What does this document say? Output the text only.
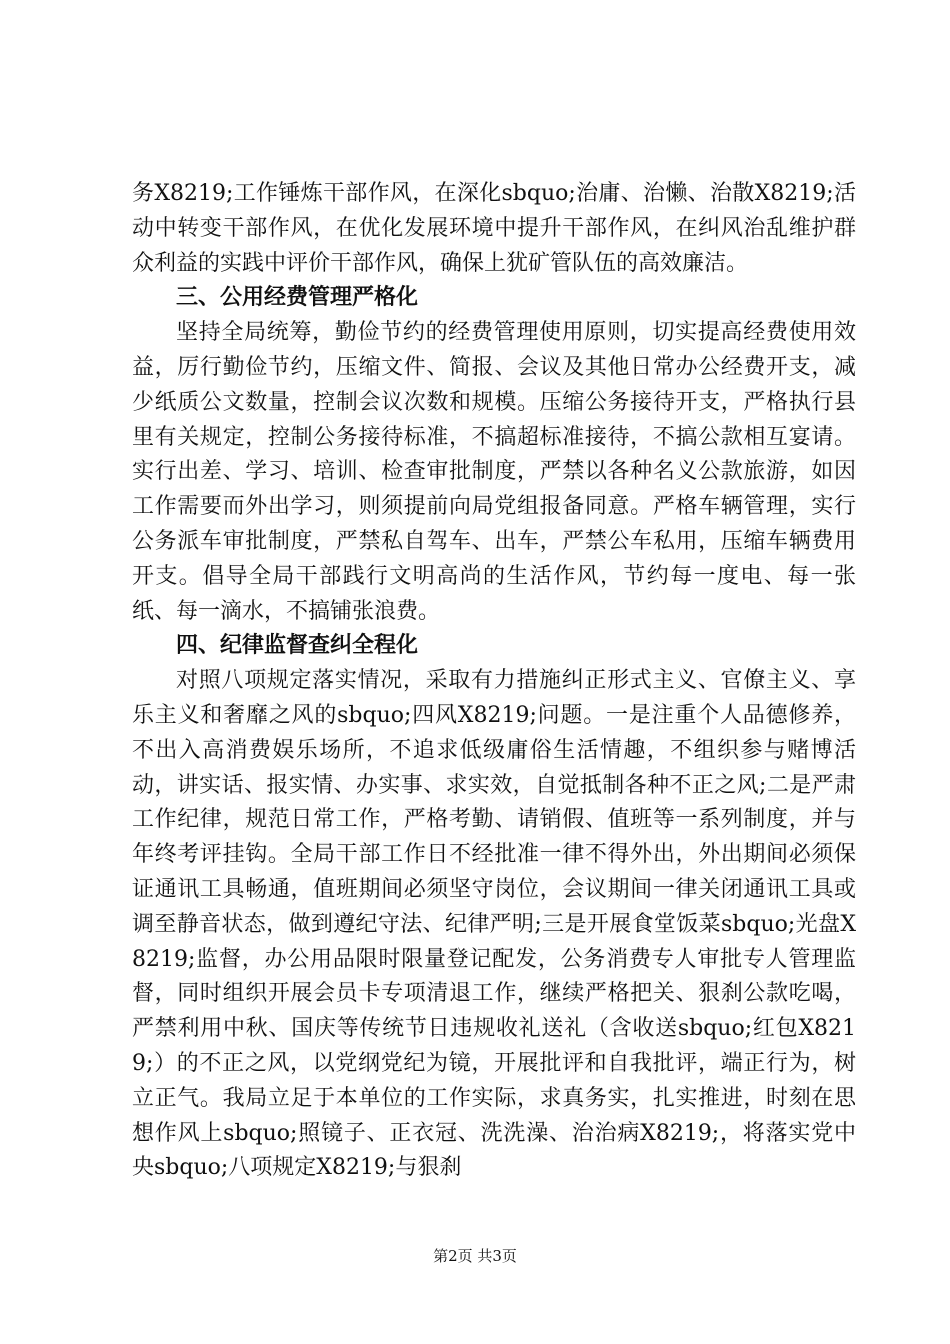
务X8219;工作锤炼干部作风，在深化sbquo;治庸、治懒、治散X8219;活动中转变干部作风，在优化发展环境中提升干部作风，在纠风治乱维护群众利益的实践中评价干部作风，确保上犹矿管队伍的高效廉洁。

三、公用经费管理严格化

坚持全局统筹，勤俭节约的经费管理使用原则，切实提高经费使用效益，厉行勤俭节约，压缩文件、简报、会议及其他日常办公经费开支，减少纸质公文数量，控制会议次数和规模。压缩公务接待开支，严格执行县里有关规定，控制公务接待标准，不搞超标准接待，不搞公款相互宴请。实行出差、学习、培训、检查审批制度，严禁以各种名义公款旅游，如因工作需要而外出学习，则须提前向局党组报备同意。严格车辆管理，实行公务派车审批制度，严禁私自驾车、出车，严禁公车私用，压缩车辆费用开支。倡导全局干部践行文明高尚的生活作风，节约每一度电、每一张纸、每一滴水，不搞铺张浪费。

四、纪律监督查纠全程化

对照八项规定落实情况，采取有力措施纠正形式主义、官僚主义、享乐主义和奢靡之风的sbquo;四风X8219;问题。一是注重个人品德修养，不出入高消费娱乐场所，不追求低级庸俗生活情趣，不组织参与赌博活动，讲实话、报实情、办实事、求实效，自觉抵制各种不正之风;二是严肃工作纪律，规范日常工作，严格考勤、请销假、值班等一系列制度，并与年终考评挂钩。全局干部工作日不经批准一律不得外出，外出期间必须保证通讯工具畅通，值班期间必须坚守岗位，会议期间一律关闭通讯工具或调至静音状态，做到遵纪守法、纪律严明;三是开展食堂饭菜sbquo;光盘X8219;监督，办公用品限时限量登记配发，公务消费专人审批专人管理监督，同时组织开展会员卡专项清退工作，继续严格把关、狠刹公款吃喝，严禁利用中秋、国庆等传统节日违规收礼送礼（含收送sbquo;红包X8219;）的不正之风，以党纲党纪为镜，开展批评和自我批评，端正行为，树立正气。我局立足于本单位的工作实际，求真务实，扎实推进，时刻在思想作风上sbquo;照镜子、正衣冠、洗洗澡、治治病X8219;，将落实党中央sbquo;八项规定X8219;与狠刹

第2页 共3页
